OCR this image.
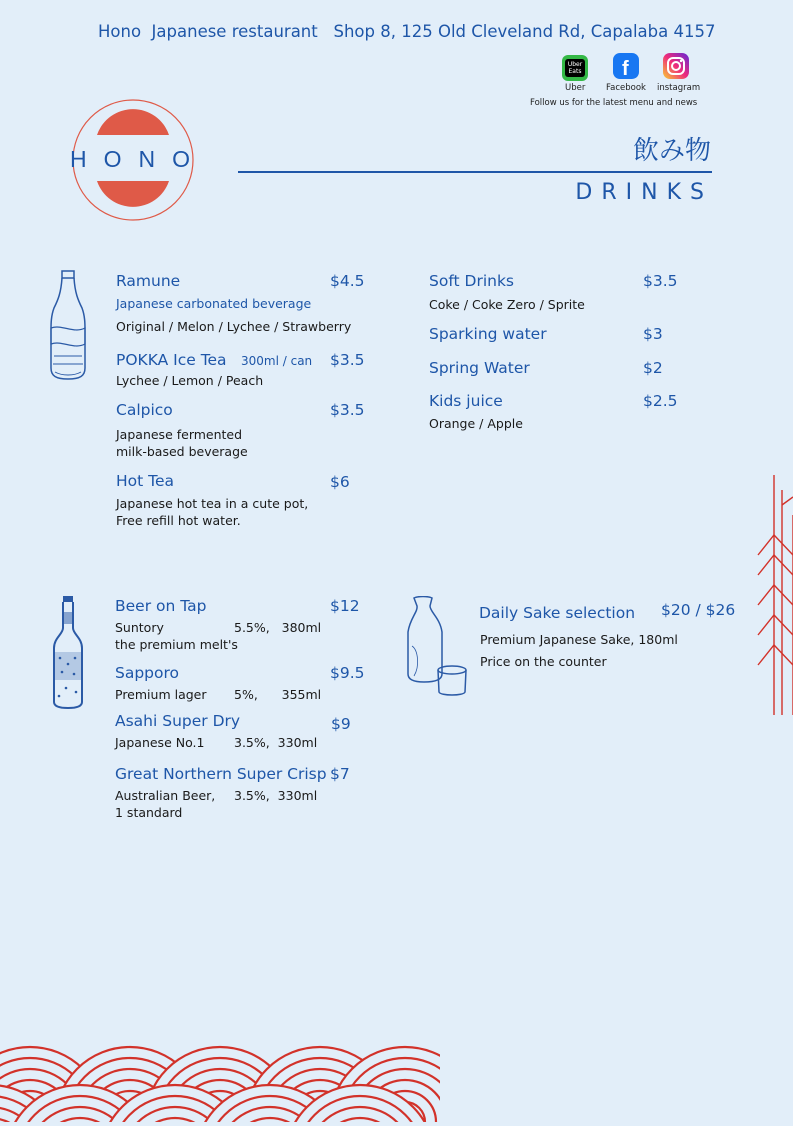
Hono  Japanese restaurant Shop 8, 125 Old Cleveland Rd, Capalaba 4157
Uber
Eats
Uber
f
Facebook instagram
Follow us for the latest menu and news
HONO	飲み物
DRINKS
Ramune	$4.5
Japanese carbonated beverage
Original / Melon / Lychee / Strawberry
POKKA Ice Tea 300ml / can $3.5
Lychee / Lemon / Peach
Calpico	$3.5
Japanese fermented
milk-based beverage
Hot Tea	$6
Japanese hot tea in a cute pot,
Free refill hot water.
Soft Drinks	$3.5
Coke / Coke Zero / Sprite
Sparking water	$3
Spring Water	$2
Kids juice	$2.5
Orange / Apple
Beer on Tap	$12
Suntory	5.5%,   380ml
the premium melt's
Sapporo	$9.5
Premium lager 5%,      355ml
Asahi Super Dry	$9
Japanese No.1 3.5%,  330ml
Great Northern Super Crisp $7
Australian Beer, 3.5%,  330ml
1 standard
Daily Sake selection $20 / $26
Premium Japanese Sake, 180ml
Price on the counter
